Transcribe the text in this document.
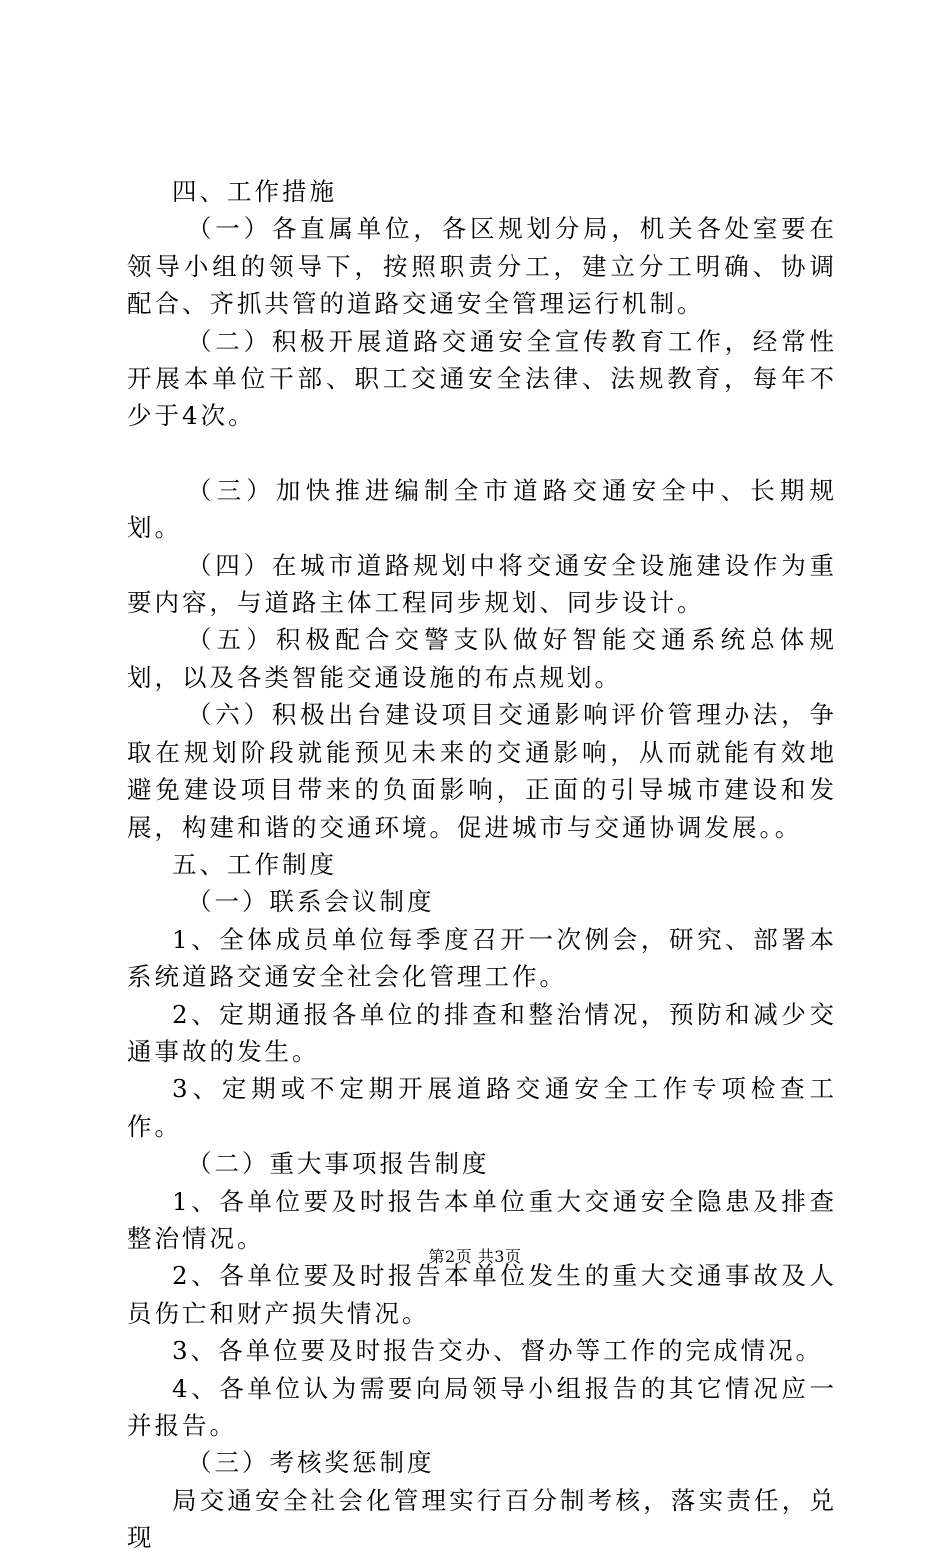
四、工作措施

（一）各直属单位，各区规划分局，机关各处室要在领导小组的领导下，按照职责分工，建立分工明确、协调配合、齐抓共管的道路交通安全管理运行机制。

（二）积极开展道路交通安全宣传教育工作，经常性开展本单位干部、职工交通安全法律、法规教育，每年不少于4次。

（三）加快推进编制全市道路交通安全中、长期规划。

（四）在城市道路规划中将交通安全设施建设作为重要内容，与道路主体工程同步规划、同步设计。

（五）积极配合交警支队做好智能交通系统总体规划，以及各类智能交通设施的布点规划。

（六）积极出台建设项目交通影响评价管理办法，争取在规划阶段就能预见未来的交通影响，从而就能有效地避免建设项目带来的负面影响，正面的引导城市建设和发展，构建和谐的交通环境。促进城市与交通协调发展。。

五、工作制度

（一）联系会议制度

1、全体成员单位每季度召开一次例会，研究、部署本系统道路交通安全社会化管理工作。

2、定期通报各单位的排查和整治情况，预防和减少交通事故的发生。

3、定期或不定期开展道路交通安全工作专项检查工作。

（二）重大事项报告制度

1、各单位要及时报告本单位重大交通安全隐患及排查整治情况。

2、各单位要及时报告本单位发生的重大交通事故及人员伤亡和财产损失情况。

3、各单位要及时报告交办、督办等工作的完成情况。

4、各单位认为需要向局领导小组报告的其它情况应一并报告。

（三）考核奖惩制度

局交通安全社会化管理实行百分制考核，落实责任，兑现

第2页 共3页
